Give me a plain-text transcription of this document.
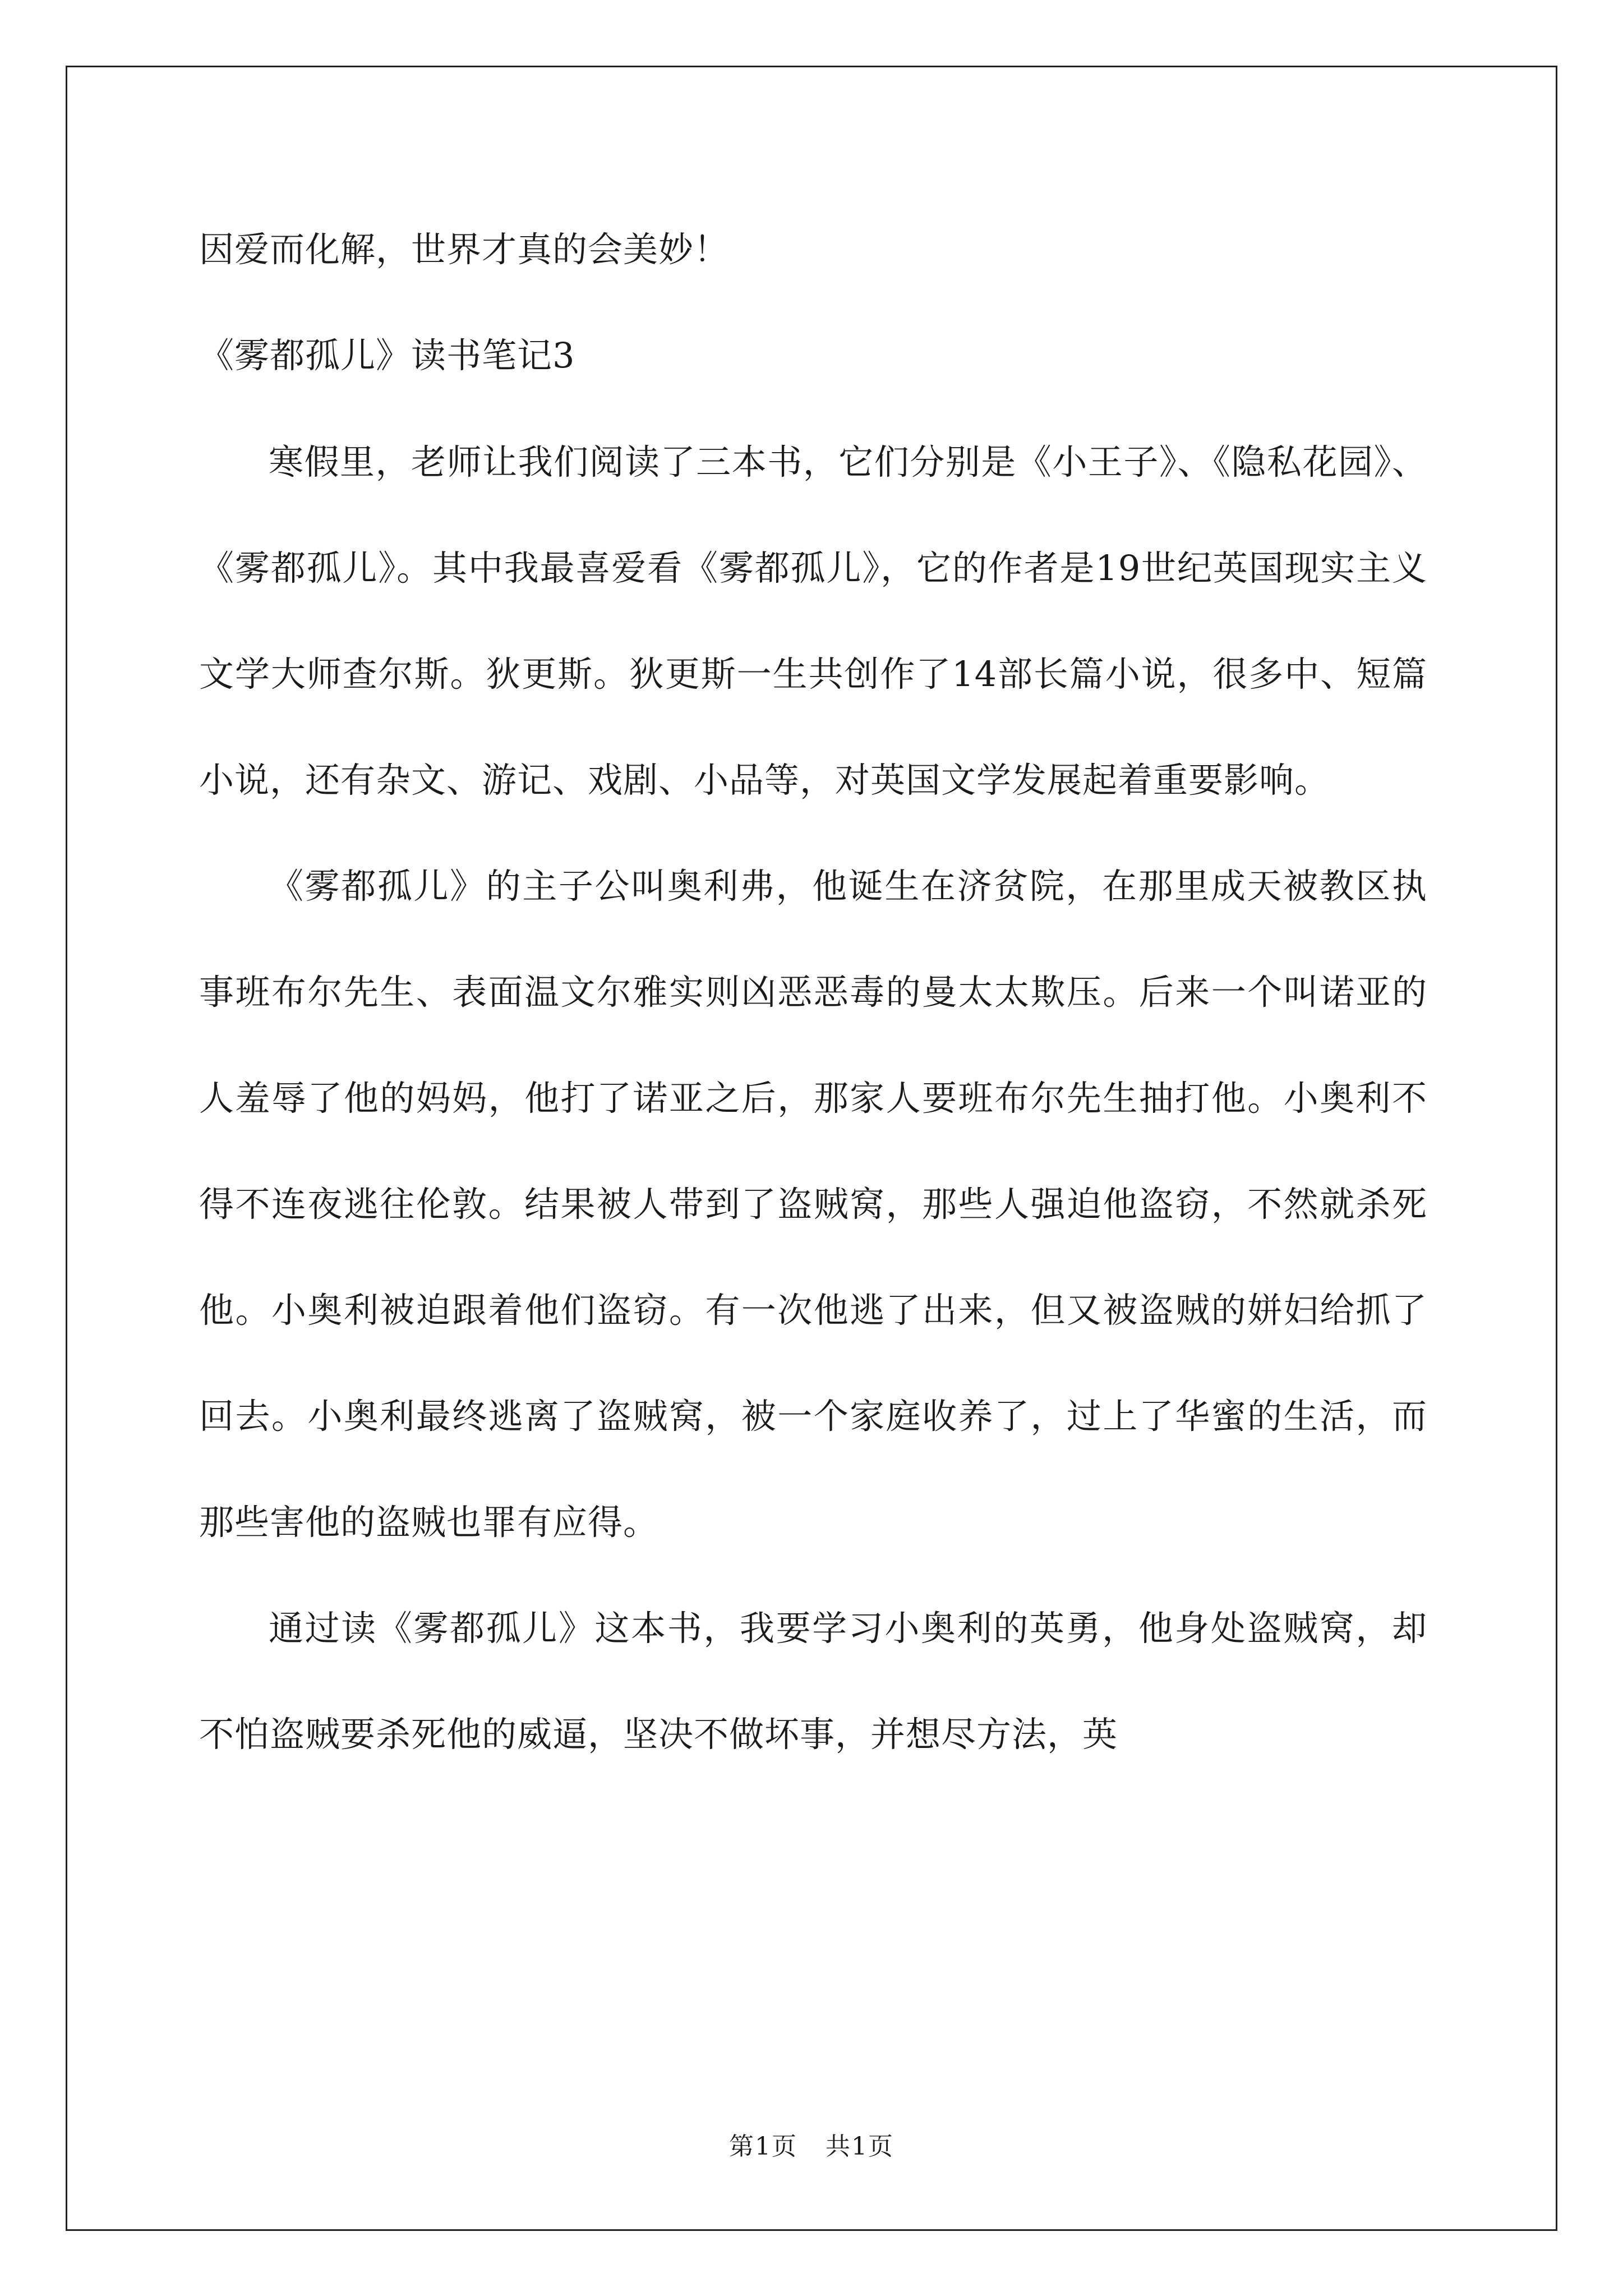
因爱而化解，世界才真的会美妙！

《雾都孤儿》读书笔记3

寒假里，老师让我们阅读了三本书，它们分别是《小王子》、《隐私花园》、《雾都孤儿》。其中我最喜爱看《雾都孤儿》，它的作者是19世纪英国现实主义文学大师查尔斯。狄更斯。狄更斯一生共创作了14部长篇小说，很多中、短篇小说，还有杂文、游记、戏剧、小品等，对英国文学发展起着重要影响。

《雾都孤儿》的主子公叫奥利弗，他诞生在济贫院，在那里成天被教区执事班布尔先生、表面温文尔雅实则凶恶恶毒的曼太太欺压。后来一个叫诺亚的人羞辱了他的妈妈，他打了诺亚之后，那家人要班布尔先生抽打他。小奥利不得不连夜逃往伦敦。结果被人带到了盗贼窝，那些人强迫他盗窃，不然就杀死他。小奥利被迫跟着他们盗窃。有一次他逃了出来，但又被盗贼的姘妇给抓了回去。小奥利最终逃离了盗贼窝，被一个家庭收养了，过上了华蜜的生活，而那些害他的盗贼也罪有应得。

通过读《雾都孤儿》这本书，我要学习小奥利的英勇，他身处盗贼窝，却不怕盗贼要杀死他的威逼，坚决不做坏事，并想尽方法，英

第1页 共1页
